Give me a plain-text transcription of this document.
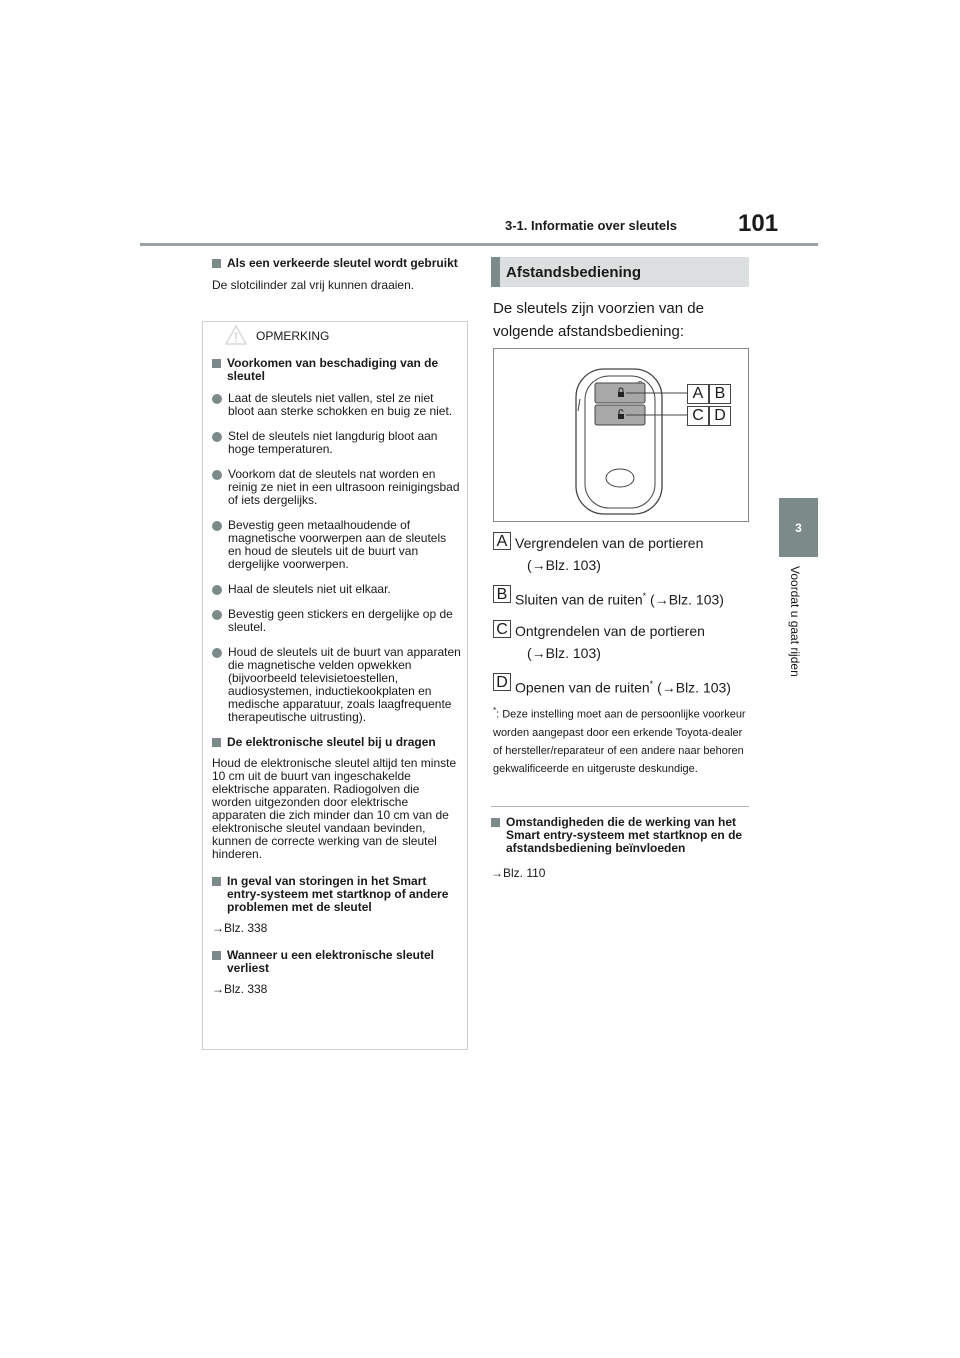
3-1. Informatie over sleutels	101
3
Voordat u gaat rijden
Als een verkeerde sleutel wordt gebruikt
De slotcilinder zal vrij kunnen draaien.
OPMERKING
Voorkomen van beschadiging van de sleutel
Laat de sleutels niet vallen, stel ze niet bloot aan sterke schokken en buig ze niet.
Stel de sleutels niet langdurig bloot aan hoge temperaturen.
Voorkom dat de sleutels nat worden en reinig ze niet in een ultrasoon reinigingsbad of iets dergelijks.
Bevestig geen metaalhoudende of magnetische voorwerpen aan de sleutels en houd de sleutels uit de buurt van dergelijke voorwerpen.
Haal de sleutels niet uit elkaar.
Bevestig geen stickers en dergelijke op de sleutel.
Houd de sleutels uit de buurt van apparaten die magnetische velden opwekken (bijvoorbeeld televisietoestellen, audiosystemen, inductiekookplaten en medische apparatuur, zoals laagfrequente therapeutische uitrusting).
De elektronische sleutel bij u dragen
Houd de elektronische sleutel altijd ten minste 10 cm uit de buurt van ingeschakelde elektrische apparaten. Radiogolven die worden uitgezonden door elektrische apparaten die zich minder dan 10 cm van de elektronische sleutel vandaan bevinden, kunnen de correcte werking van de sleutel hinderen.
In geval van storingen in het Smart entry-systeem met startknop of andere problemen met de sleutel
→Blz. 338
Wanneer u een elektronische sleutel verliest
→Blz. 338
Afstandsbediening
De sleutels zijn voorzien van de volgende afstandsbediening:
A B
C D
A Vergrendelen van de portieren
(→Blz. 103)
B Sluiten van de ruiten* (→Blz. 103)
C Ontgrendelen van de portieren
(→Blz. 103)
D Openen van de ruiten* (→Blz. 103)
*: Deze instelling moet aan de persoonlijke voorkeur worden aangepast door een erkende Toyota-dealer of hersteller/reparateur of een andere naar behoren gekwalificeerde en uitgeruste deskundige.
Omstandigheden die de werking van het Smart entry-systeem met startknop en de afstandsbediening beïnvloeden
→Blz. 110
